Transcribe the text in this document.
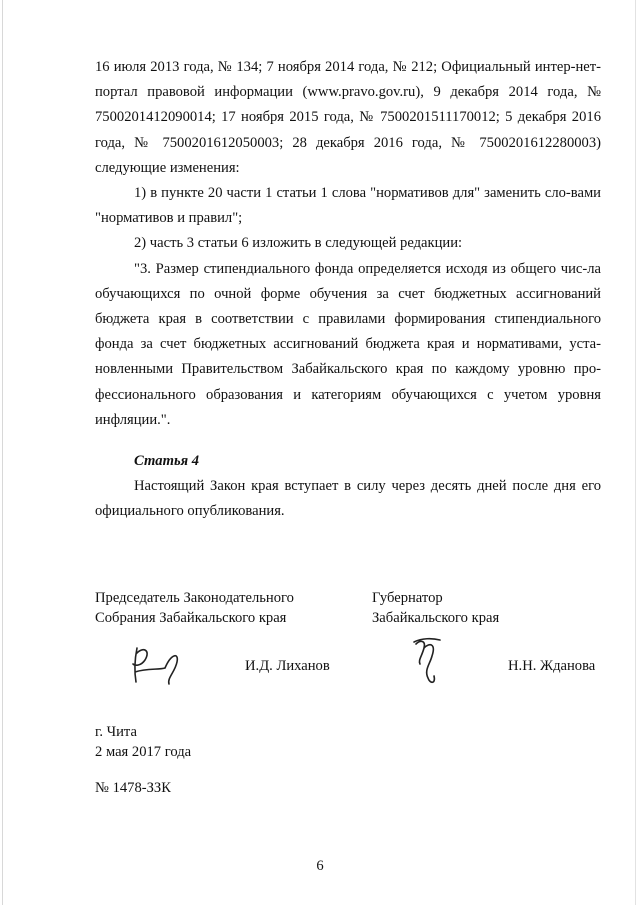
16 июля 2013 года, № 134; 7 ноября 2014 года, № 212; Официальный интер-нет-портал правовой информации (www.pravo.gov.ru), 9 декабря 2014 года, № 7500201412090014; 17 ноября 2015 года, № 7500201511170012; 5 декабря 2016 года, № 7500201612050003; 28 декабря 2016 года, № 7500201612280003) следующие изменения:

1) в пункте 20 части 1 статьи 1 слова "нормативов для" заменить сло-вами "нормативов и правил";

2) часть 3 статьи 6 изложить в следующей редакции:

"3. Размер стипендиального фонда определяется исходя из общего чис-ла обучающихся по очной форме обучения за счет бюджетных ассигнований бюджета края в соответствии с правилами формирования стипендиального фонда за счет бюджетных ассигнований бюджета края и нормативами, уста-новленными Правительством Забайкальского края по каждому уровню про-фессионального образования и категориям обучающихся с учетом уровня инфляции.".

Статья 4

Настоящий Закон края вступает в силу через десять дней после дня его официального опубликования.

Председатель Законодательного
Собрания Забайкальского края
Губернатор
Забайкальского края
И.Д. Лиханов	Н.Н. Жданова
г. Чита
2 мая 2017 года
№ 1478-ЗЗК
6
